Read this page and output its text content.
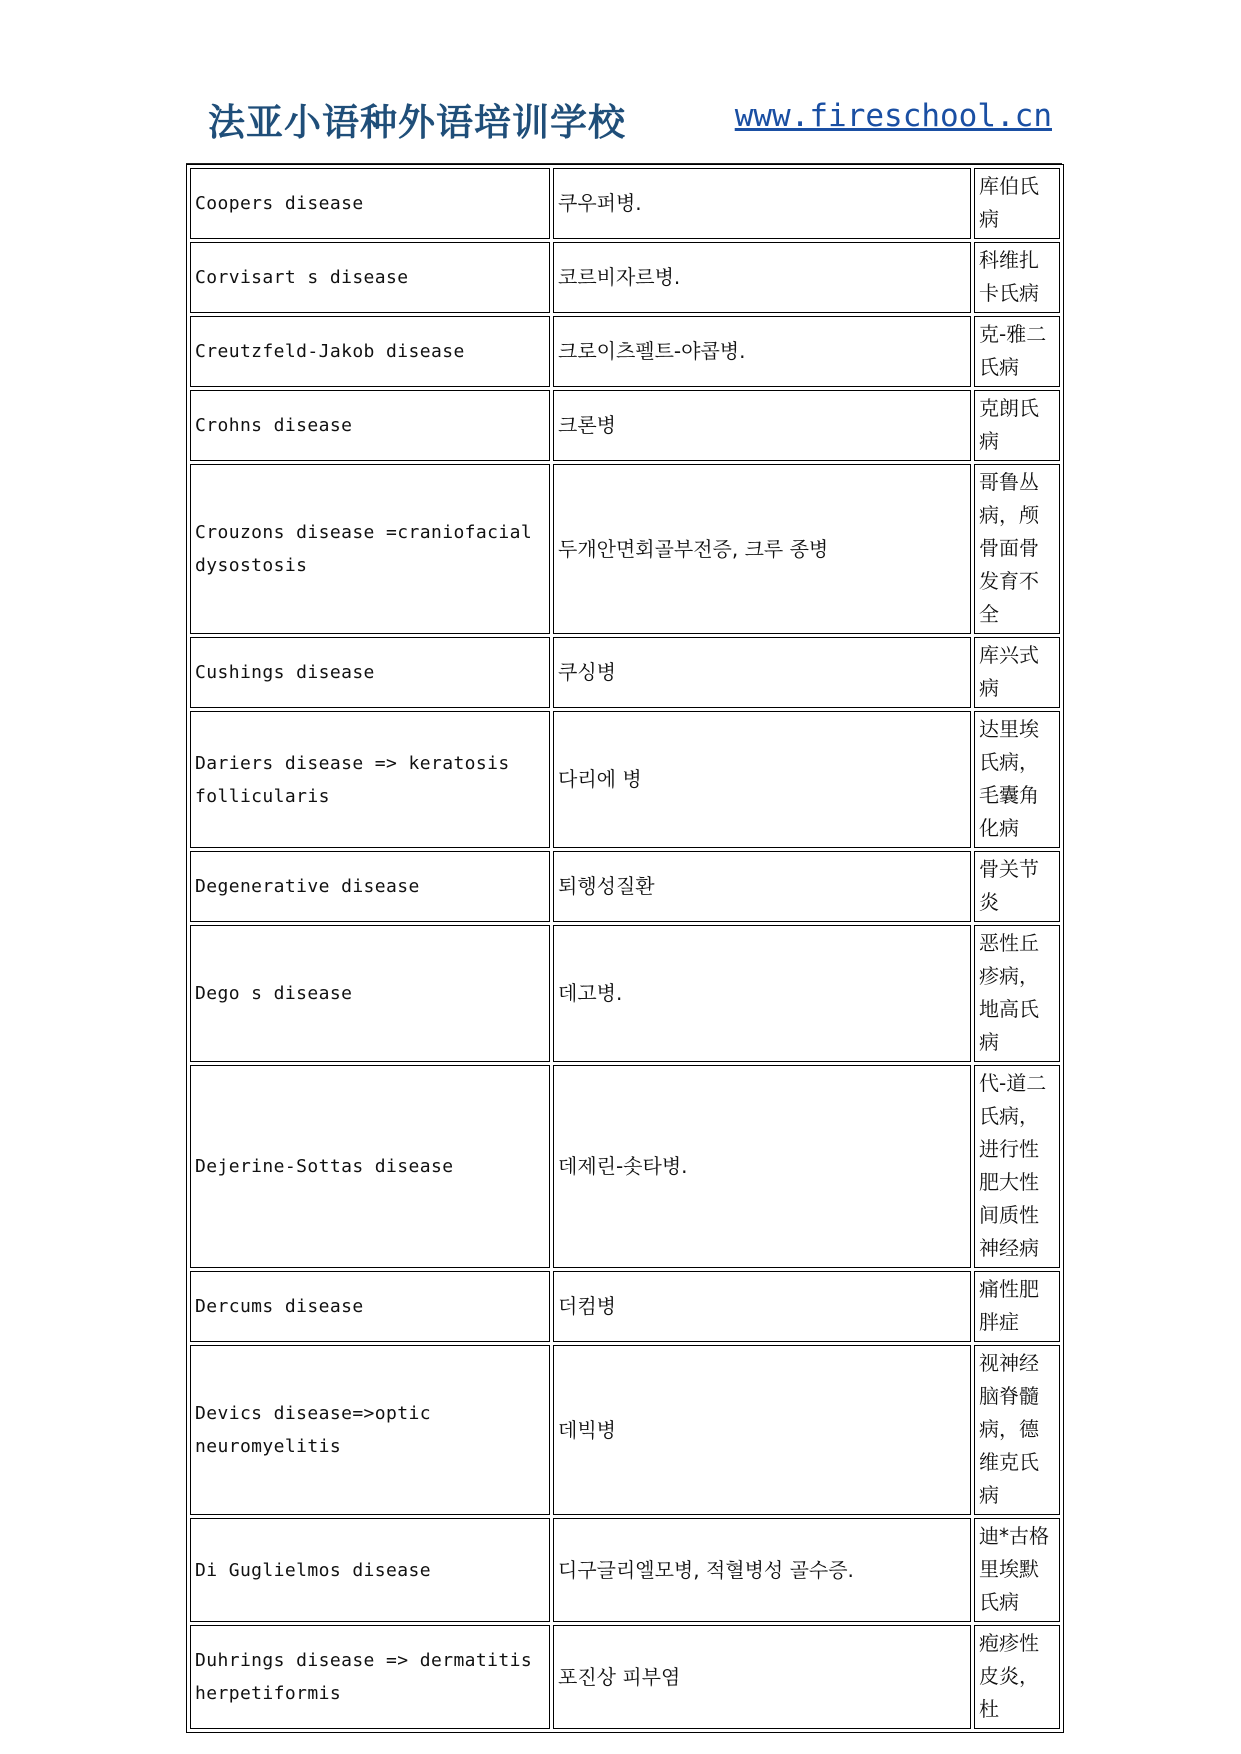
法亚小语种外语培训学校	www.fireschool.cn
Coopers disease	쿠우퍼병.	库伯氏病
Corvisart s disease	코르비자르병.	科维扎卡氏病
Creutzfeld-Jakob disease	크로이츠펠트-야콥병.	克-雅二氏病
Crohns disease	크론병	克朗氏病
Crouzons disease =craniofacial dysostosis	두개안면회골부전증, 크루 종병	哥鲁丛病，颅骨面骨发育不全
Cushings disease	쿠싱병	库兴式病
Dariers disease => keratosis follicularis	다리에 병	达里埃氏病，毛囊角化病
Degenerative disease	퇴행성질환	骨关节炎
Dego s disease	데고병.	恶性丘疹病，地高氏病
Dejerine-Sottas disease	데제린-솟타병.	代-道二氏病，进行性肥大性间质性神经病
Dercums disease	더컴병	痛性肥胖症
Devics disease=>optic neuromyelitis	데빅병	视神经脑脊髓病，德维克氏病
Di Guglielmos disease	디구글리엘모병, 적혈병성 골수증.	迪*古格里埃默氏病
Duhrings disease => dermatitis herpetiformis	포진상 피부염	疱疹性皮炎，杜
